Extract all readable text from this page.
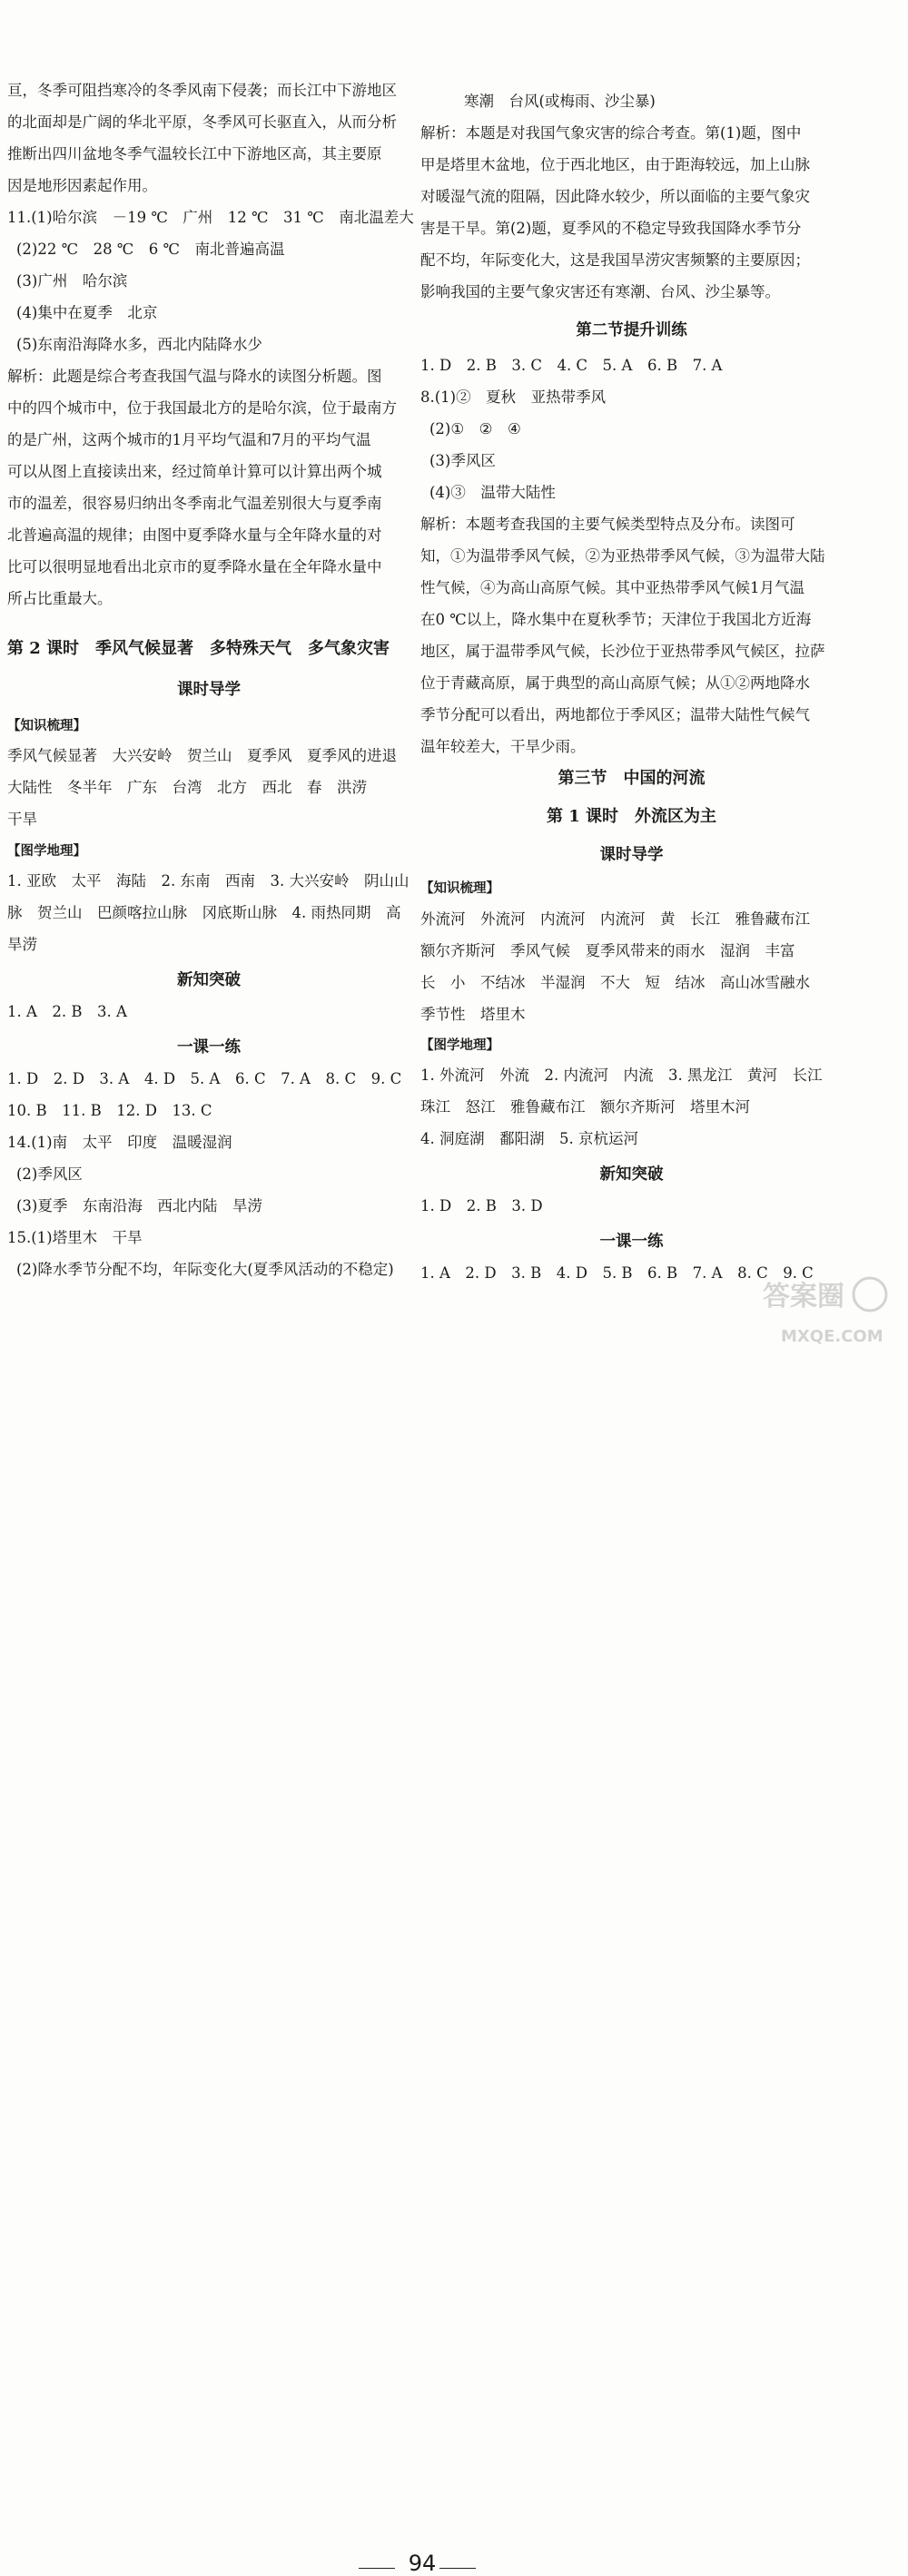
亘，冬季可阻挡寒冷的冬季风南下侵袭；而长江中下游地区
的北面却是广阔的华北平原，冬季风可长驱直入，从而分析
推断出四川盆地冬季气温较长江中下游地区高，其主要原
因是地形因素起作用。
11.(1)哈尔滨　－19 ℃　广州　12 ℃　31 ℃　南北温差大
(2)22 ℃　28 ℃　6 ℃　南北普遍高温
(3)广州　哈尔滨
(4)集中在夏季　北京
(5)东南沿海降水多，西北内陆降水少
解析：此题是综合考查我国气温与降水的读图分析题。图
中的四个城市中，位于我国最北方的是哈尔滨，位于最南方
的是广州，这两个城市的1月平均气温和7月的平均气温
可以从图上直接读出来，经过简单计算可以计算出两个城
市的温差，很容易归纳出冬季南北气温差别很大与夏季南
北普遍高温的规律；由图中夏季降水量与全年降水量的对
比可以很明显地看出北京市的夏季降水量在全年降水量中
所占比重最大。
第 2 课时　季风气候显著　多特殊天气　多气象灾害
课时导学
【知识梳理】
季风气候显著　大兴安岭　贺兰山　夏季风　夏季风的进退
大陆性　冬半年　广东　台湾　北方　西北　春　洪涝
干旱
【图学地理】
1. 亚欧　太平　海陆　2. 东南　西南　3. 大兴安岭　阴山山
脉　贺兰山　巴颜喀拉山脉　冈底斯山脉　4. 雨热同期　高
旱涝
新知突破
1. A　2. B　3. A
一课一练
1. D　2. D　3. A　4. D　5. A　6. C　7. A　8. C　9. C
10. B　11. B　12. D　13. C
14.(1)南　太平　印度　温暖湿润
(2)季风区
(3)夏季　东南沿海　西北内陆　旱涝
15.(1)塔里木　干旱
(2)降水季节分配不均，年际变化大(夏季风活动的不稳定)
寒潮　台风(或梅雨、沙尘暴)
解析：本题是对我国气象灾害的综合考查。第(1)题，图中
甲是塔里木盆地，位于西北地区，由于距海较远，加上山脉
对暖湿气流的阻隔，因此降水较少，所以面临的主要气象灾
害是干旱。第(2)题，夏季风的不稳定导致我国降水季节分
配不均，年际变化大，这是我国旱涝灾害频繁的主要原因；
影响我国的主要气象灾害还有寒潮、台风、沙尘暴等。
第二节提升训练
1. D　2. B　3. C　4. C　5. A　6. B　7. A
8.(1)②　夏秋　亚热带季风
(2)①　②　④
(3)季风区
(4)③　温带大陆性
解析：本题考查我国的主要气候类型特点及分布。读图可
知，①为温带季风气候，②为亚热带季风气候，③为温带大陆
性气候，④为高山高原气候。其中亚热带季风气候1月气温
在0 ℃以上，降水集中在夏秋季节；天津位于我国北方近海
地区，属于温带季风气候，长沙位于亚热带季风气候区，拉萨
位于青藏高原，属于典型的高山高原气候；从①②两地降水
季节分配可以看出，两地都位于季风区；温带大陆性气候气
温年较差大，干旱少雨。
第三节　中国的河流
第 1 课时　外流区为主
课时导学
【知识梳理】
外流河　外流河　内流河　内流河　黄　长江　雅鲁藏布江
额尔齐斯河　季风气候　夏季风带来的雨水　湿润　丰富
长　小　不结冰　半湿润　不大　短　结冰　高山冰雪融水
季节性　塔里木
【图学地理】
1. 外流河　外流　2. 内流河　内流　3. 黑龙江　黄河　长江
珠江　怒江　雅鲁藏布江　额尔齐斯河　塔里木河
4. 洞庭湖　鄱阳湖　5. 京杭运河
新知突破
1. D　2. B　3. D
一课一练
1. A　2. D　3. B　4. D　5. B　6. B　7. A　8. C　9. C
94
答案圈
MXQE.COM
